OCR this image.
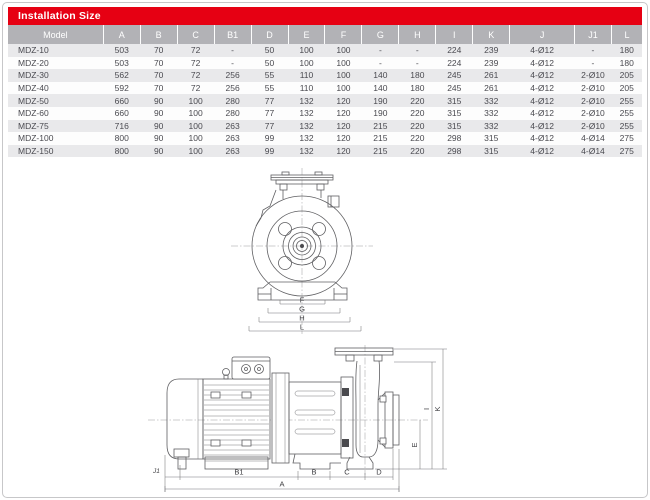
Installation Size
Model	A	B	C	B1	D	E	F	G	H	I	K	J	J1	L
MDZ-10	503	70	72	-	50	100	100	-	-	224	239	4-Ø12	-	180
MDZ-20	503	70	72	-	50	100	100	-	-	224	239	4-Ø12	-	180
MDZ-30	562	70	72	256	55	110	100	140	180	245	261	4-Ø12	2-Ø10	205
MDZ-40	592	70	72	256	55	110	100	140	180	245	261	4-Ø12	2-Ø10	205
MDZ-50	660	90	100	280	77	132	120	190	220	315	332	4-Ø12	2-Ø10	255
MDZ-60	660	90	100	280	77	132	120	190	220	315	332	4-Ø12	2-Ø10	255
MDZ-75	716	90	100	263	77	132	120	215	220	315	332	4-Ø12	2-Ø10	255
MDZ-100	800	90	100	263	99	132	120	215	220	298	315	4-Ø12	4-Ø14	275
MDZ-150	800	90	100	263	99	132	120	215	220	298	315	4-Ø12	4-Ø14	275
F
G
H
L
J1	B1	B	C	D
A
E
I K
